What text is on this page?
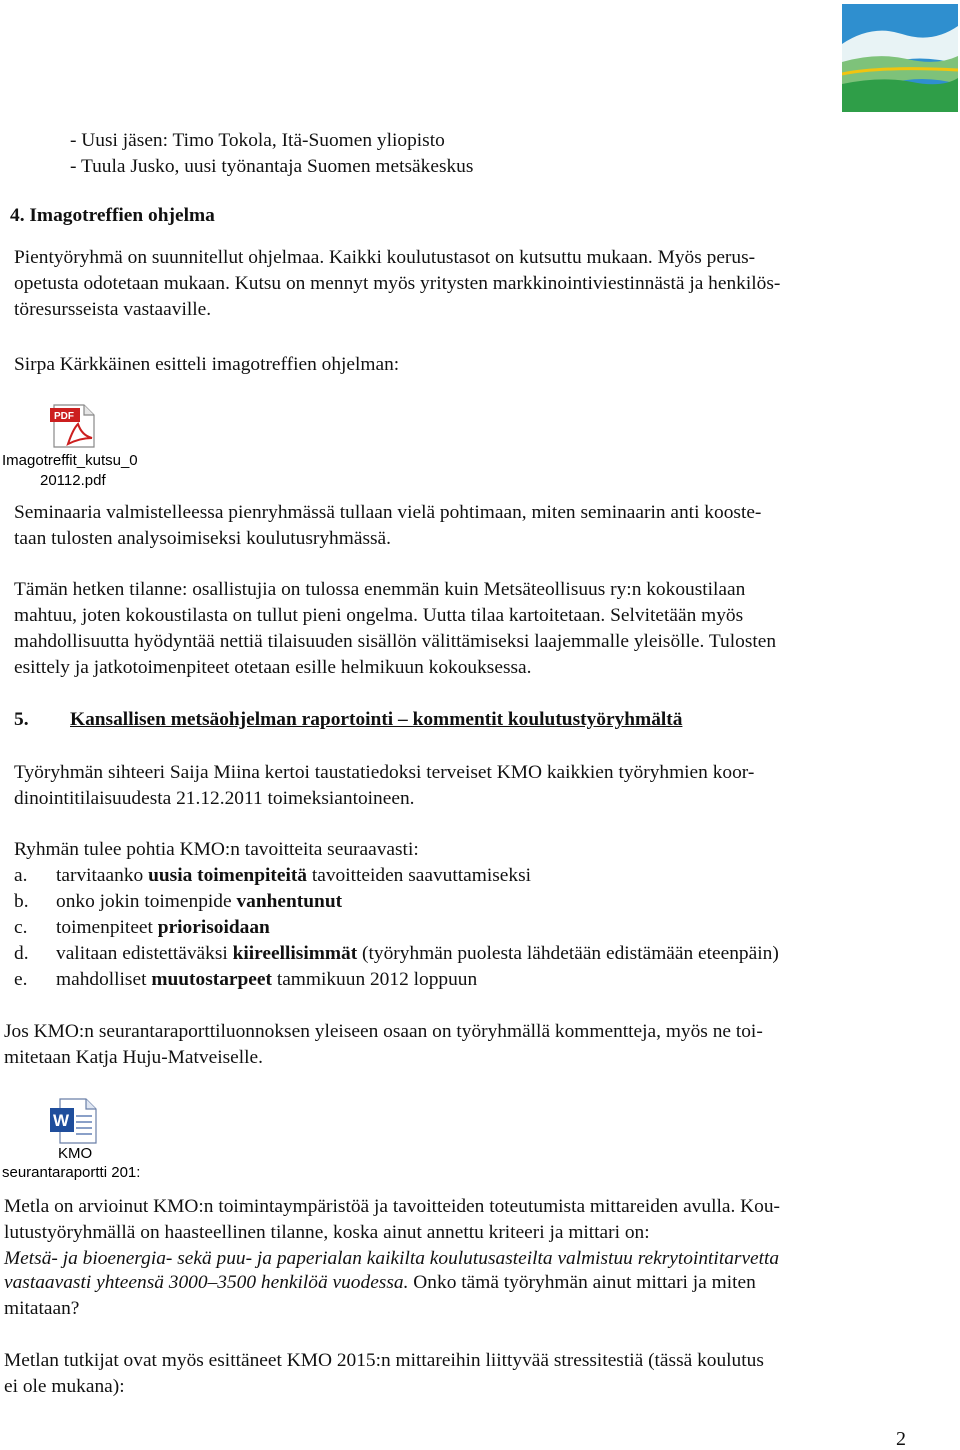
- Uusi jäsen: Timo Tokola, Itä-Suomen yliopisto
- Tuula Jusko, uusi työnantaja Suomen metsäkeskus
4. Imagotreffien ohjelma
Pientyöryhmä on suunnitellut ohjelmaa. Kaikki koulutustasot on kutsuttu mukaan. Myös perus-
opetusta odotetaan mukaan. Kutsu on mennyt myös yritysten markkinointiviestinnästä ja henkilös-
töresursseista vastaaville.
Sirpa Kärkkäinen esitteli imagotreffien ohjelman:
PDF
Imagotreffit_kutsu_0
20112.pdf
Seminaaria valmistelleessa pienryhmässä tullaan vielä pohtimaan, miten seminaarin anti kooste-
taan tulosten analysoimiseksi koulutusryhmässä.
Tämän hetken tilanne: osallistujia on tulossa enemmän kuin Metsäteollisuus ry:n kokoustilaan
mahtuu, joten kokoustilasta on tullut pieni ongelma. Uutta tilaa kartoitetaan. Selvitetään myös
mahdollisuutta hyödyntää nettiä tilaisuuden sisällön välittämiseksi laajemmalle yleisölle. Tulosten
esittely ja jatkotoimenpiteet otetaan esille helmikuun kokouksessa.
5. Kansallisen metsäohjelman raportointi – kommentit koulutustyöryhmältä
Työryhmän sihteeri Saija Miina kertoi taustatiedoksi terveiset KMO kaikkien työryhmien koor-
dinointitilaisuudesta 21.12.2011 toimeksiantoineen.
Ryhmän tulee pohtia KMO:n tavoitteita seuraavasti:
a. tarvitaanko uusia toimenpiteitä tavoitteiden saavuttamiseksi
b. onko jokin toimenpide vanhentunut
c. toimenpiteet priorisoidaan
d. valitaan edistettäväksi kiireellisimmät (työryhmän puolesta lähdetään edistämään eteenpäin)
e. mahdolliset muutostarpeet tammikuun 2012 loppuun
Jos KMO:n seurantaraporttiluonnoksen yleiseen osaan on työryhmällä kommentteja, myös ne toi-
mitetaan Katja Huju-Matveiselle.
W
KMO
seurantaraportti 201:
Metla on arvioinut KMO:n toimintaympäristöä ja tavoitteiden toteutumista mittareiden avulla. Kou-
lutustyöryhmällä on haasteellinen tilanne, koska ainut annettu kriteeri ja mittari on:
Metsä- ja bioenergia- sekä puu- ja paperialan kaikilta koulutusasteilta valmistuu rekrytointitarvetta
vastaavasti yhteensä 3000–3500 henkilöä vuodessa. Onko tämä työryhmän ainut mittari ja miten
mitataan?
Metlan tutkijat ovat myös esittäneet KMO 2015:n mittareihin liittyvää stressitestiä (tässä koulutus
ei ole mukana):
2
